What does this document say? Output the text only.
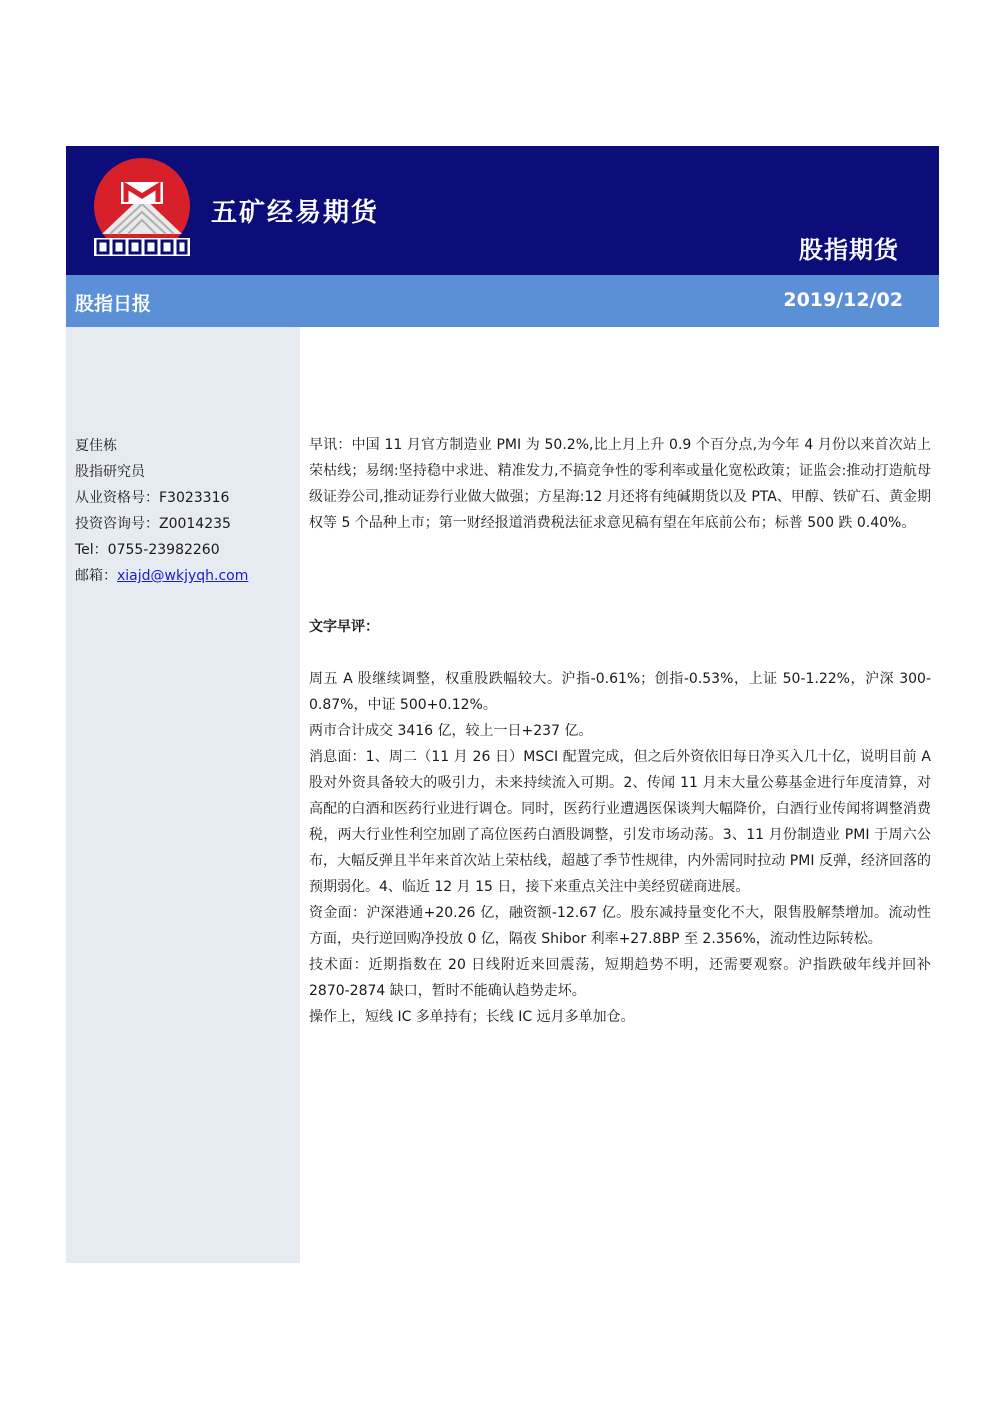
五矿经易期货
股指期货
股指日报	2019/12/02
夏佳栋
股指研究员
从业资格号：F3023316
投资咨询号：Z0014235
Tel：0755-23982260
邮箱：xiajd@wkjyqh.com

早讯：中国 11 月官方制造业 PMI 为 50.2%,比上月上升 0.9 个百分点,为今年 4 月份以来首次站上荣枯线；易纲:坚持稳中求进、精准发力,不搞竞争性的零利率或量化宽松政策；证监会:推动打造航母级证券公司,推动证券行业做大做强；方星海:12 月还将有纯碱期货以及 PTA、甲醇、铁矿石、黄金期权等 5 个品种上市；第一财经报道消费税法征求意见稿有望在年底前公布；标普 500 跌 0.40%。

文字早评：

周五 A 股继续调整，权重股跌幅较大。沪指-0.61%；创指-0.53%，上证 50-1.22%，沪深 300-0.87%，中证 500+0.12%。

两市合计成交 3416 亿，较上一日+237 亿。

消息面：1、周二（11 月 26 日）MSCI 配置完成，但之后外资依旧每日净买入几十亿，说明目前 A 股对外资具备较大的吸引力，未来持续流入可期。2、传闻 11 月末大量公募基金进行年度清算，对高配的白酒和医药行业进行调仓。同时，医药行业遭遇医保谈判大幅降价，白酒行业传闻将调整消费税，两大行业性利空加剧了高位医药白酒股调整，引发市场动荡。3、11 月份制造业 PMI 于周六公布，大幅反弹且半年来首次站上荣枯线，超越了季节性规律，内外需同时拉动 PMI 反弹，经济回落的预期弱化。4、临近 12 月 15 日，接下来重点关注中美经贸磋商进展。

资金面：沪深港通+20.26 亿，融资额-12.67 亿。股东减持量变化不大，限售股解禁增加。流动性方面，央行逆回购净投放 0 亿，隔夜 Shibor 利率+27.8BP 至 2.356%，流动性边际转松。

技术面：近期指数在 20 日线附近来回震荡，短期趋势不明，还需要观察。沪指跌破年线并回补 2870-2874 缺口，暂时不能确认趋势走坏。

操作上，短线 IC 多单持有；长线 IC 远月多单加仓。
